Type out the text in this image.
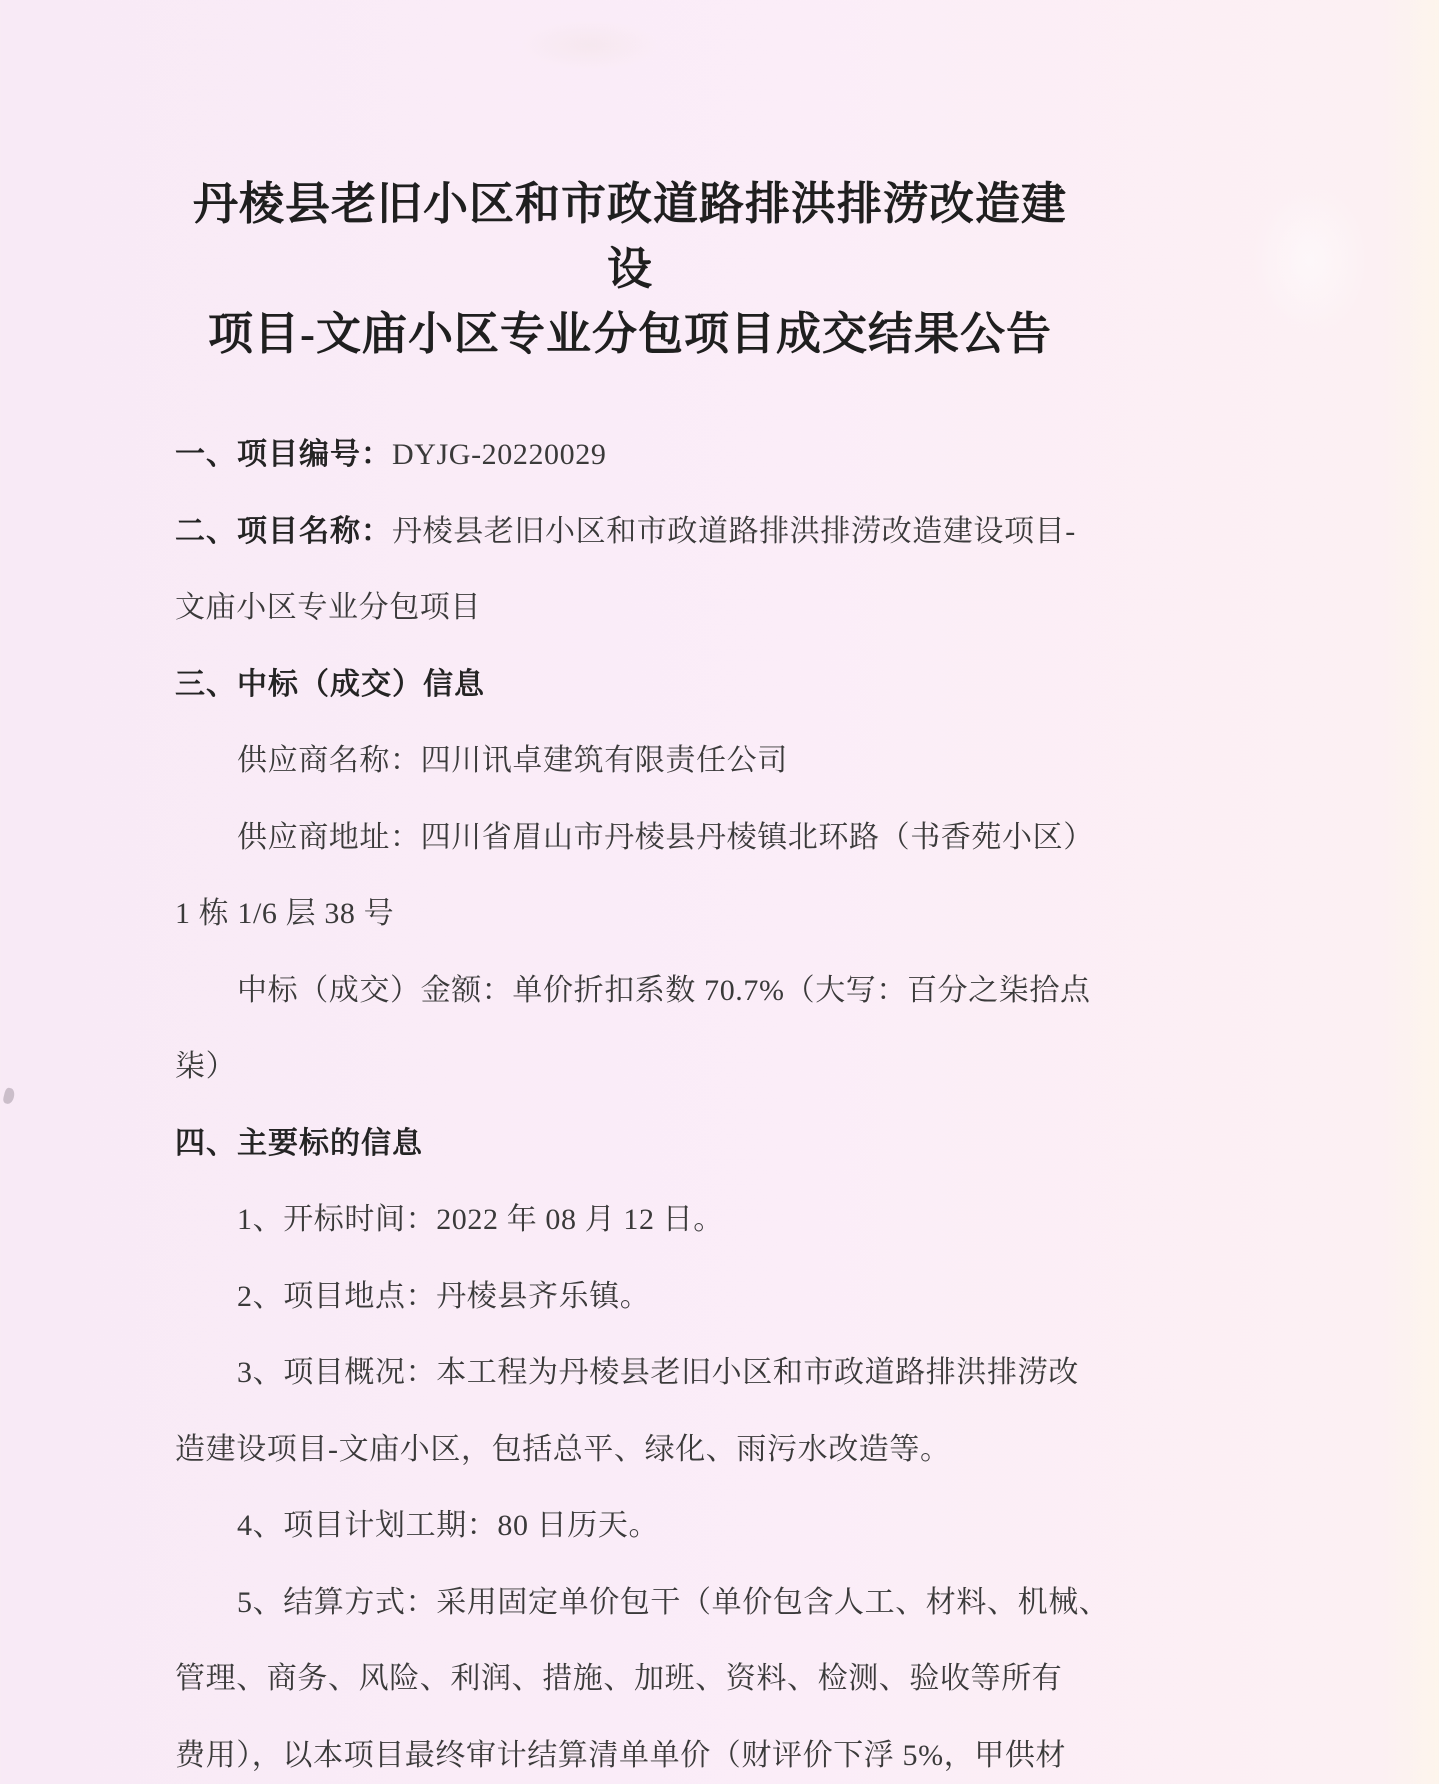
丹棱县老旧小区和市政道路排洪排涝改造建设
项目-文庙小区专业分包项目成交结果公告
一、项目编号：DYJG-20220029
二、项目名称：丹棱县老旧小区和市政道路排洪排涝改造建设项目-
文庙小区专业分包项目
三、中标（成交）信息
供应商名称：四川讯卓建筑有限责任公司
供应商地址：四川省眉山市丹棱县丹棱镇北环路（书香苑小区）
1 栋 1/6 层 38 号
中标（成交）金额：单价折扣系数 70.7%（大写：百分之柒拾点
柒）
四、主要标的信息
1、开标时间：2022 年 08 月 12 日。
2、项目地点：丹棱县齐乐镇。
3、项目概况：本工程为丹棱县老旧小区和市政道路排洪排涝改
造建设项目-文庙小区，包括总平、绿化、雨污水改造等。
4、项目计划工期：80 日历天。
5、结算方式：采用固定单价包干（单价包含人工、材料、机械、
管理、商务、风险、利润、措施、加班、资料、检测、验收等所有
费用），以本项目最终审计结算清单单价（财评价下浮 5%，甲供材
